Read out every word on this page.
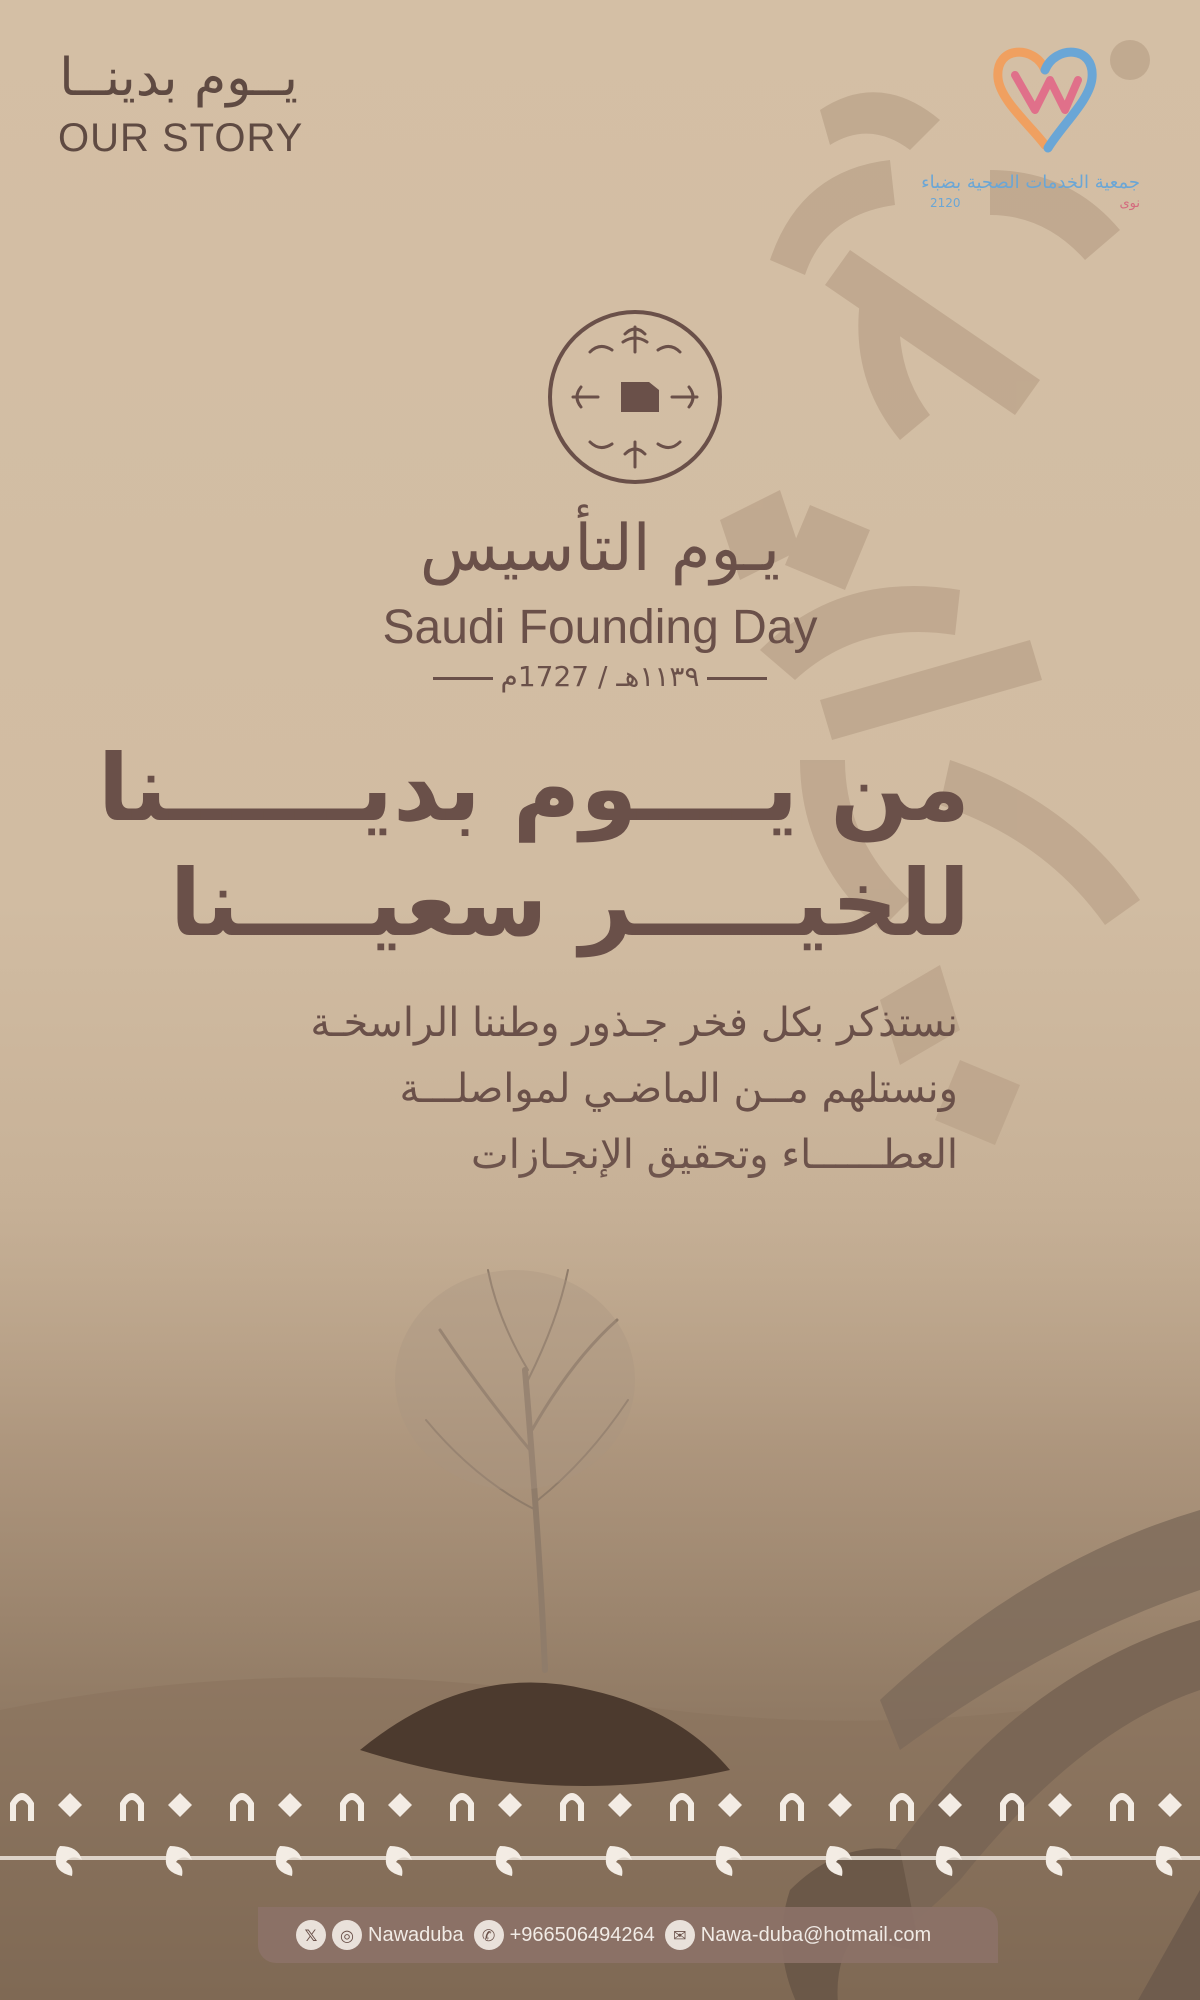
يــوم بدينــا
OUR STORY
جمعية الخدمات الصحية بضباء
نوى
2120
يـوم التأسيس
Saudi Founding Day
١١٣٩هـ / 1727م
من يــــوم بديــــــنا
للخيـــــر سعيــــنا
نستذكر بكل فخر جـذور وطننا الراسخـة
ونستلهم مــن الماضـي لمواصلـــة
𝕏	◎ Nawaduba	✆ +966506494264	✉ Nawa-duba@hotmail.com
